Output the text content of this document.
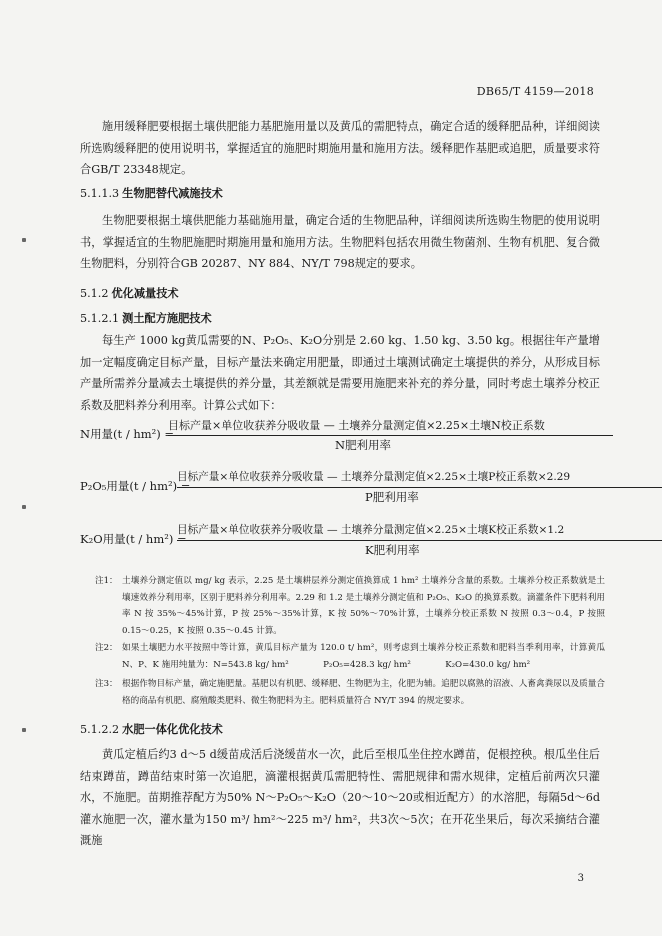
DB65/T 4159—2018
施用缓释肥要根据土壤供肥能力基肥施用量以及黄瓜的需肥特点，确定合适的缓释肥品种，详细阅读所选购缓释肥的使用说明书，掌握适宜的施肥时期施用量和施用方法。缓释肥作基肥或追肥，质量要求符合GB/T 23348规定。
5.1.1.3 生物肥替代减施技术
生物肥要根据土壤供肥能力基础施用量，确定合适的生物肥品种，详细阅读所选购生物肥的使用说明书，掌握适宜的生物肥施肥时期施用量和施用方法。生物肥料包括农用微生物菌剂、生物有机肥、复合微生物肥料，分别符合GB 20287、NY 884、NY/T 798规定的要求。
5.1.2 优化减量技术
5.1.2.1 测土配方施肥技术
每生产 1000 kg黄瓜需要的N、P₂O₅、K₂O分别是 2.60 kg、1.50 kg、3.50 kg。根据往年产量增加一定幅度确定目标产量，目标产量法来确定用肥量，即通过土壤测试确定土壤提供的养分，从形成目标产量所需养分量减去土壤提供的养分量，其差额就是需要用施肥来补充的养分量，同时考虑土壤养分校正系数及肥料养分利用率。计算公式如下：
N用量(t / hm²) =
目标产量×单位收获养分吸收量 — 土壤养分量测定值×2.25×土壤N校正系数
N肥利用率
P₂O₅用量(t / hm²) =
目标产量×单位收获养分吸收量 — 土壤养分量测定值×2.25×土壤P校正系数×2.29
P肥利用率
K₂O用量(t / hm²) =
目标产量×单位收获养分吸收量 — 土壤养分量测定值×2.25×土壤K校正系数×1.2
K肥利用率
注1： 土壤养分测定值以 mg/ kg 表示，2.25 是土壤耕层养分测定值换算成 1 hm² 土壤养分含量的系数。土壤养分校正系数就是土壤速效养分利用率，区别于肥料养分利用率。2.29 和 1.2 是土壤养分测定值和 P₂O₅、K₂O 的换算系数。滴灌条件下肥料利用率 N 按 35%～45%计算，P 按 25%～35%计算，K 按 50%～70%计算，土壤养分校正系数 N 按照 0.3～0.4，P 按照 0.15～0.25，K 按照 0.35～0.45 计算。
注2： 如果土壤肥力水平按照中等计算，黄瓜目标产量为 120.0 t/ hm²，则考虑到土壤养分校正系数和肥料当季利用率，计算黄瓜 N、P、K 施用纯量为：N=543.8 kg/ hm²　　　　P₂O₅=428.3 kg/ hm²　　　　K₂O=430.0 kg/ hm²
注3： 根据作物目标产量，确定施肥量。基肥以有机肥、缓释肥、生物肥为主，化肥为辅。追肥以腐熟的沼液、人畜禽粪尿以及质量合格的商品有机肥、腐殖酸类肥料、微生物肥料为主。肥料质量符合 NY/T 394 的规定要求。
5.1.2.2 水肥一体化优化技术
黄瓜定植后约3 d～5 d缓苗成活后浇缓苗水一次，此后至根瓜坐住控水蹲苗，促根控秧。根瓜坐住后结束蹲苗，蹲苗结束时第一次追肥，滴灌根据黄瓜需肥特性、需肥规律和需水规律，定植后前两次只灌水，不施肥。苗期推荐配方为50% N～P₂O₅～K₂O（20～10～20或相近配方）的水溶肥，每隔5d～6d灌水施肥一次，灌水量为150 m³/ hm²～225 m³/ hm²，共3次～5次；在开花坐果后，每次采摘结合灌溉施
3
